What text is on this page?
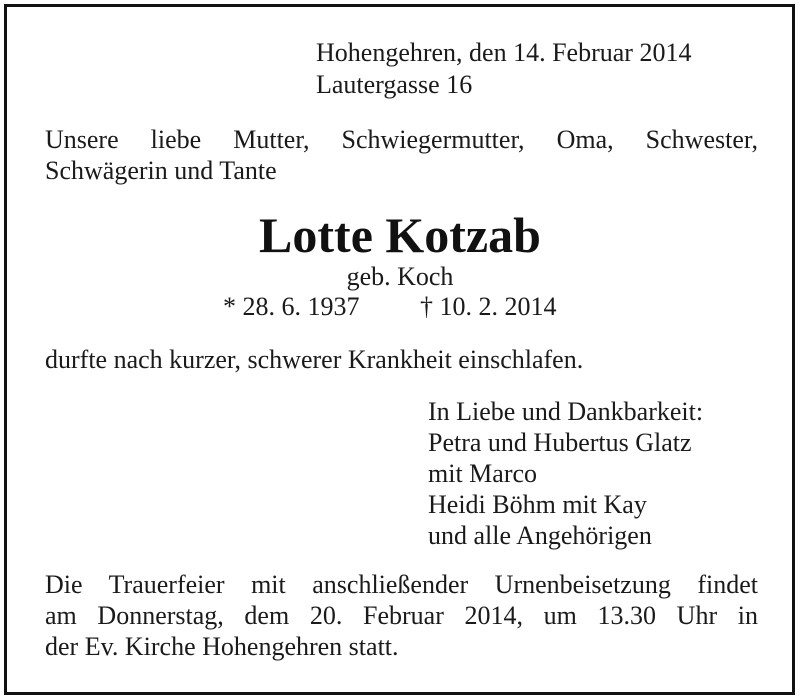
Hohengehren, den 14. Februar 2014

Lautergasse 16

Unsere liebe Mutter, Schwiegermutter, Oma, Schwester,

Schwägerin und Tante

Lotte Kotzab

geb. Koch

* 28. 6. 1937 † 10. 2. 2014

durfte nach kurzer, schwerer Krankheit einschlafen.

In Liebe und Dankbarkeit:

Petra und Hubertus Glatz

mit Marco

Heidi Böhm mit Kay

und alle Angehörigen

Die Trauerfeier mit anschließender Urnenbeisetzung findet

am Donnerstag, dem 20. Februar 2014, um 13.30 Uhr in

der Ev. Kirche Hohengehren statt.
